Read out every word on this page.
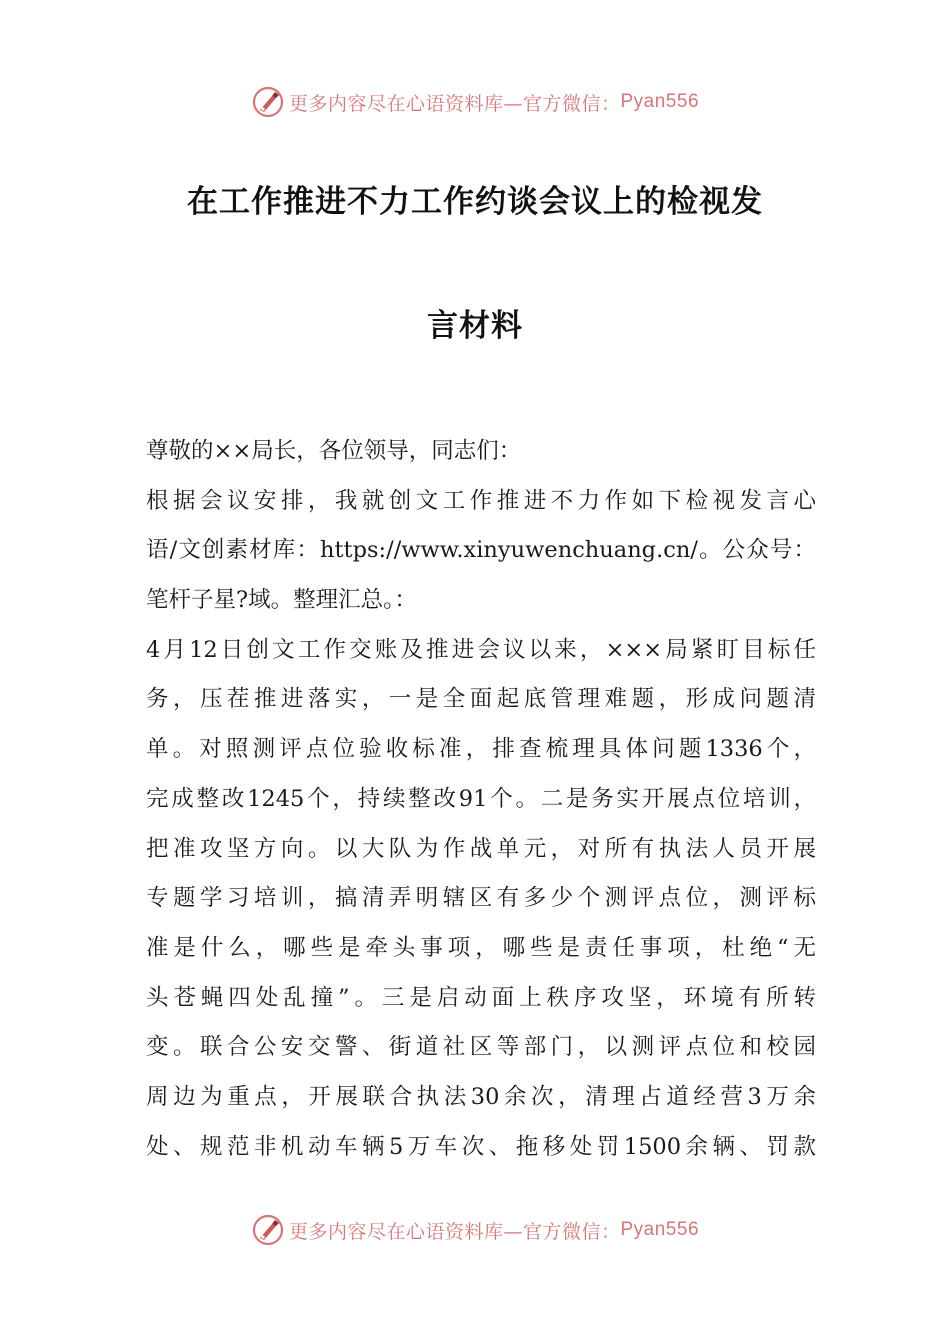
更多内容尽在心语资料库—官方微信： Pyan556
在工作推进不力工作约谈会议上的检视发
言材料
尊敬的××局长，各位领导，同志们：
根据会议安排，我就创文工作推进不力作如下检视发言心
语/文创素材库：https://www.xinyuwenchuang.cn/。公众号：
笔杆子星?域。整理汇总。：
4月12日创文工作交账及推进会议以来，×××局紧盯目标任
务，压茬推进落实，一是全面起底管理难题，形成问题清
单。对照测评点位验收标准，排查梳理具体问题1336个，
完成整改1245个，持续整改91个。二是务实开展点位培训，
把准攻坚方向。以大队为作战单元，对所有执法人员开展
专题学习培训，搞清弄明辖区有多少个测评点位，测评标
准是什么，哪些是牵头事项，哪些是责任事项，杜绝“无
头苍蝇四处乱撞”。三是启动面上秩序攻坚，环境有所转
变。联合公安交警、街道社区等部门，以测评点位和校园
周边为重点，开展联合执法30余次，清理占道经营3万余
处、规范非机动车辆5万车次、拖移处罚1500余辆、罚款
更多内容尽在心语资料库—官方微信： Pyan556
